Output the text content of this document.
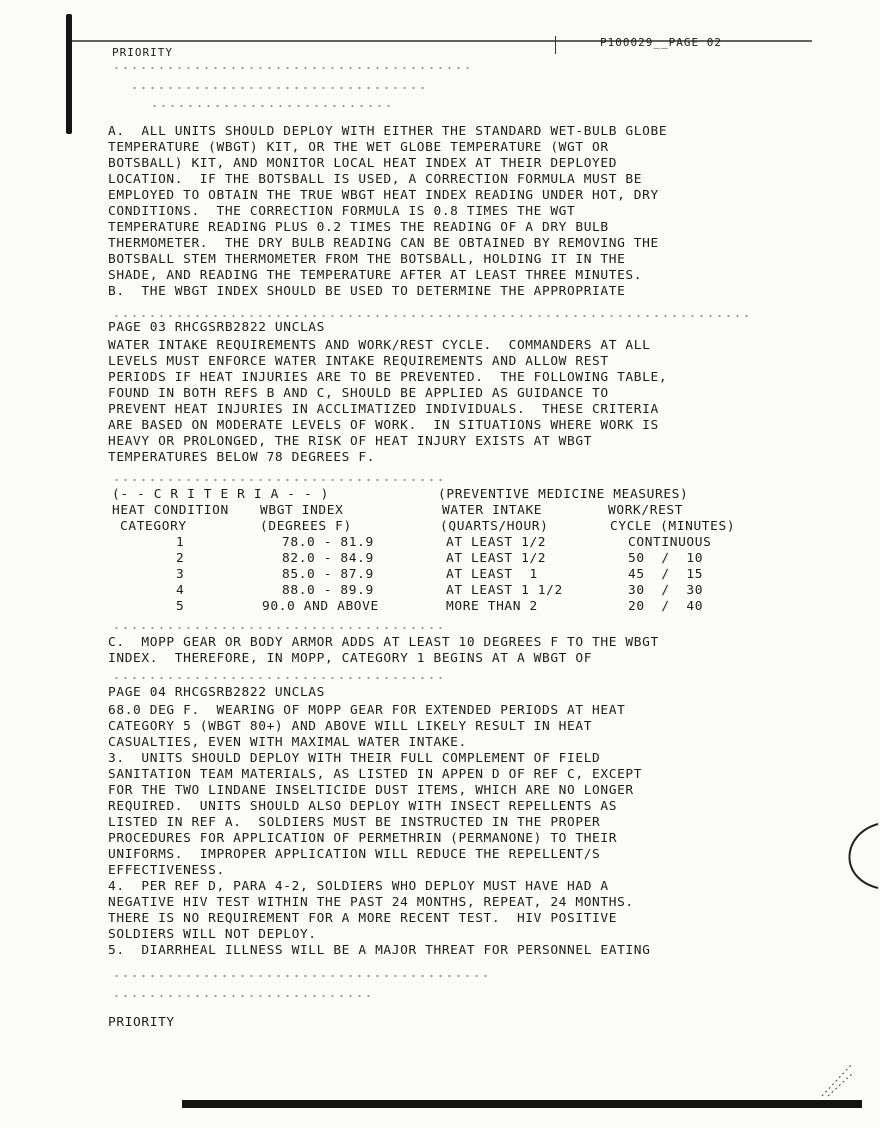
PRIORITY
P100029__PAGE 02
A.  ALL UNITS SHOULD DEPLOY WITH EITHER THE STANDARD WET-BULB GLOBE
TEMPERATURE (WBGT) KIT, OR THE WET GLOBE TEMPERATURE (WGT OR
BOTSBALL) KIT, AND MONITOR LOCAL HEAT INDEX AT THEIR DEPLOYED
LOCATION.  IF THE BOTSBALL IS USED, A CORRECTION FORMULA MUST BE
EMPLOYED TO OBTAIN THE TRUE WBGT HEAT INDEX READING UNDER HOT, DRY
CONDITIONS.  THE CORRECTION FORMULA IS 0.8 TIMES THE WGT
TEMPERATURE READING PLUS 0.2 TIMES THE READING OF A DRY BULB
THERMOMETER.  THE DRY BULB READING CAN BE OBTAINED BY REMOVING THE
BOTSBALL STEM THERMOMETER FROM THE BOTSBALL, HOLDING IT IN THE
SHADE, AND READING THE TEMPERATURE AFTER AT LEAST THREE MINUTES.
B.  THE WBGT INDEX SHOULD BE USED TO DETERMINE THE APPROPRIATE
PAGE 03 RHCGSRB2822 UNCLAS
WATER INTAKE REQUIREMENTS AND WORK/REST CYCLE.  COMMANDERS AT ALL
LEVELS MUST ENFORCE WATER INTAKE REQUIREMENTS AND ALLOW REST
PERIODS IF HEAT INJURIES ARE TO BE PREVENTED.  THE FOLLOWING TABLE,
FOUND IN BOTH REFS B AND C, SHOULD BE APPLIED AS GUIDANCE TO
PREVENT HEAT INJURIES IN ACCLIMATIZED INDIVIDUALS.  THESE CRITERIA
ARE BASED ON MODERATE LEVELS OF WORK.  IN SITUATIONS WHERE WORK IS
HEAVY OR PROLONGED, THE RISK OF HEAT INJURY EXISTS AT WBGT
TEMPERATURES BELOW 78 DEGREES F.
(- - C R I T E R I A - - )	(PREVENTIVE MEDICINE MEASURES)
HEAT CONDITION WBGT INDEX	WATER INTAKE	WORK/REST
CATEGORY	(DEGREES F)	(QUARTS/HOUR)	CYCLE (MINUTES)
1	78.0 - 81.9	AT LEAST 1/2	CONTINUOUS
2	82.0 - 84.9	AT LEAST 1/2	50  /  10
3	85.0 - 87.9	AT LEAST  1	45  /  15
4	88.0 - 89.9	AT LEAST 1 1/2	30  /  30
5	90.0 AND ABOVE	MORE THAN 2	20  /  40
C.  MOPP GEAR OR BODY ARMOR ADDS AT LEAST 10 DEGREES F TO THE WBGT
INDEX.  THEREFORE, IN MOPP, CATEGORY 1 BEGINS AT A WBGT OF
PAGE 04 RHCGSRB2822 UNCLAS
68.0 DEG F.  WEARING OF MOPP GEAR FOR EXTENDED PERIODS AT HEAT
CATEGORY 5 (WBGT 80+) AND ABOVE WILL LIKELY RESULT IN HEAT
CASUALTIES, EVEN WITH MAXIMAL WATER INTAKE.
3.  UNITS SHOULD DEPLOY WITH THEIR FULL COMPLEMENT OF FIELD
SANITATION TEAM MATERIALS, AS LISTED IN APPEN D OF REF C, EXCEPT
FOR THE TWO LINDANE INSELTICIDE DUST ITEMS, WHICH ARE NO LONGER
REQUIRED.  UNITS SHOULD ALSO DEPLOY WITH INSECT REPELLENTS AS
LISTED IN REF A.  SOLDIERS MUST BE INSTRUCTED IN THE PROPER
PROCEDURES FOR APPLICATION OF PERMETHRIN (PERMANONE) TO THEIR
UNIFORMS.  IMPROPER APPLICATION WILL REDUCE THE REPELLENT/S
EFFECTIVENESS.
4.  PER REF D, PARA 4-2, SOLDIERS WHO DEPLOY MUST HAVE HAD A
NEGATIVE HIV TEST WITHIN THE PAST 24 MONTHS, REPEAT, 24 MONTHS.
THERE IS NO REQUIREMENT FOR A MORE RECENT TEST.  HIV POSITIVE
SOLDIERS WILL NOT DEPLOY.
5.  DIARRHEAL ILLNESS WILL BE A MAJOR THREAT FOR PERSONNEL EATING
PRIORITY
